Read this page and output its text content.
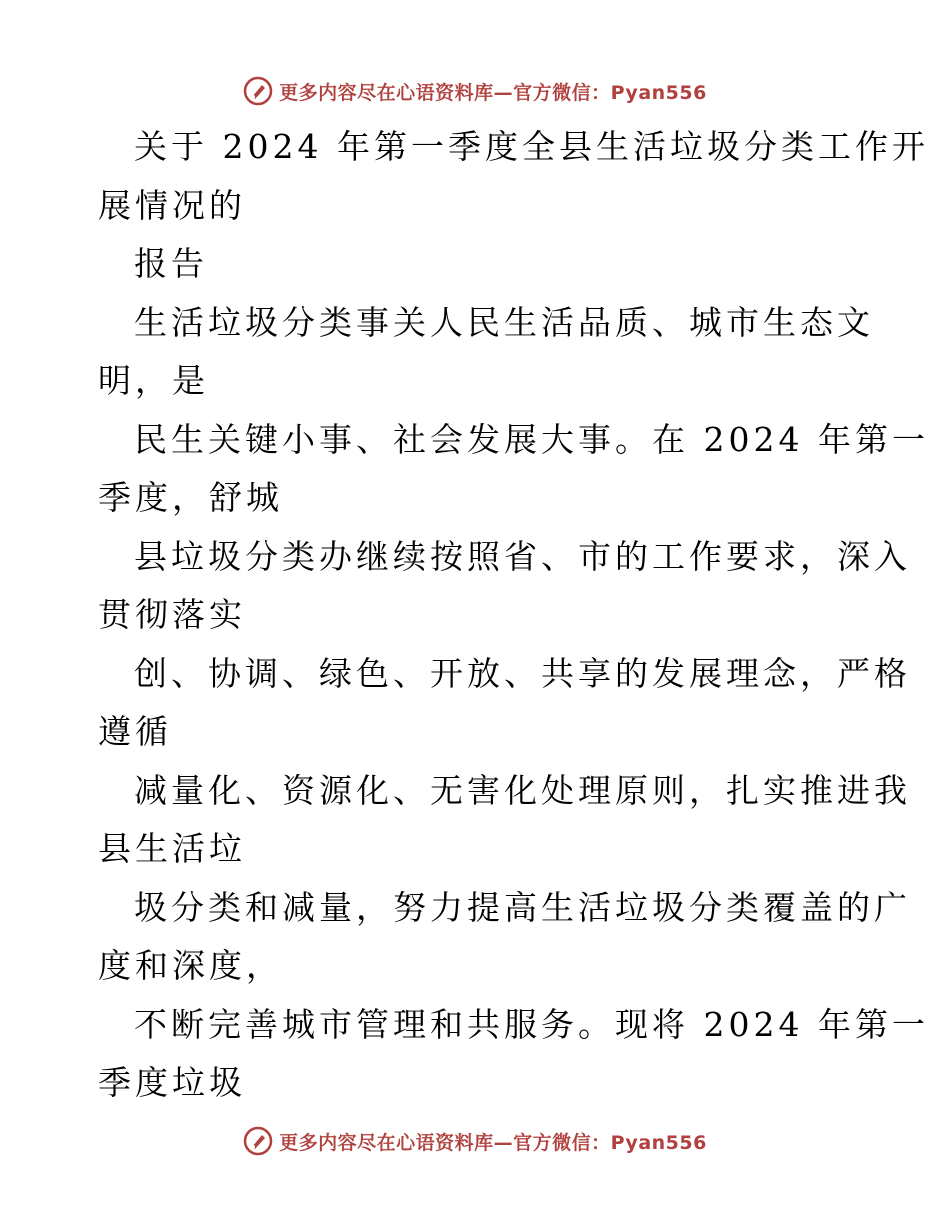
更多内容尽在心语资料库—官方微信：Pyan556
关于 2024 年第一季度全县生活垃圾分类工作开
展情况的
报告
生活垃圾分类事关人民生活品质、城市生态文
明，是
民生关键小事、社会发展大事。在 2024 年第一
季度，舒城
县垃圾分类办继续按照省、市的工作要求，深入
贯彻落实
创、协调、绿色、开放、共享的发展理念，严格
遵循
减量化、资源化、无害化处理原则，扎实推进我
县生活垃
圾分类和减量，努力提高生活垃圾分类覆盖的广
度和深度，
不断完善城市管理和共服务。现将 2024 年第一
季度垃圾
更多内容尽在心语资料库—官方微信：Pyan556
